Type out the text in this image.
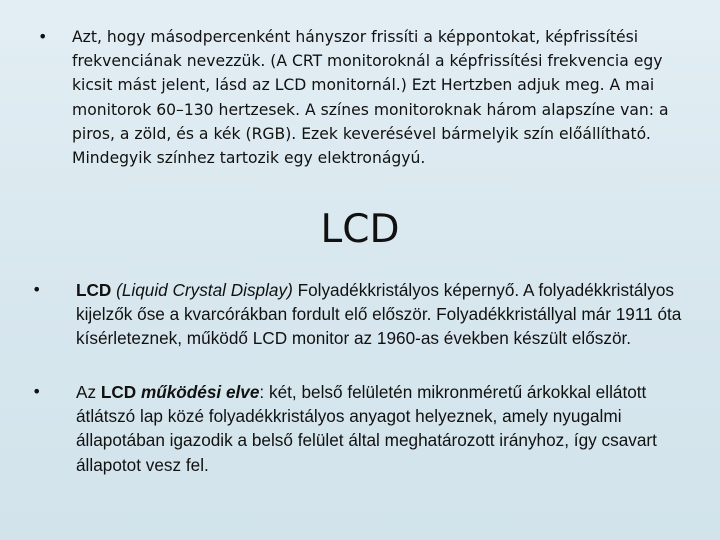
•	Azt, hogy másodpercenként hányszor frissíti a képpontokat, képfrissítési frekvenciának nevezzük. (A CRT monitoroknál a képfrissítési frekvencia egy kicsit mást jelent, lásd az LCD monitornál.) Ezt Hertzben adjuk meg. A mai monitorok 60–130 hertzesek. A színes monitoroknak három alapszíne van: a piros, a zöld, és a kék (RGB). Ezek keverésével bármelyik szín előállítható. Mindegyik színhez tartozik egy elektronágyú.
LCD
•	LCD (Liquid Crystal Display) Folyadékkristályos képernyő. A folyadékkristályos kijelzők őse a kvarcórákban fordult elő először. Folyadékkristállyal már 1911 óta kísérleteznek, működő LCD monitor az 1960-as években készült először.
•	Az LCD működési elve: két, belső felületén mikronméretű árkokkal ellátott átlátszó lap közé folyadékkristályos anyagot helyeznek, amely nyugalmi állapotában igazodik a belső felület által meghatározott irányhoz, így csavart állapotot vesz fel.
